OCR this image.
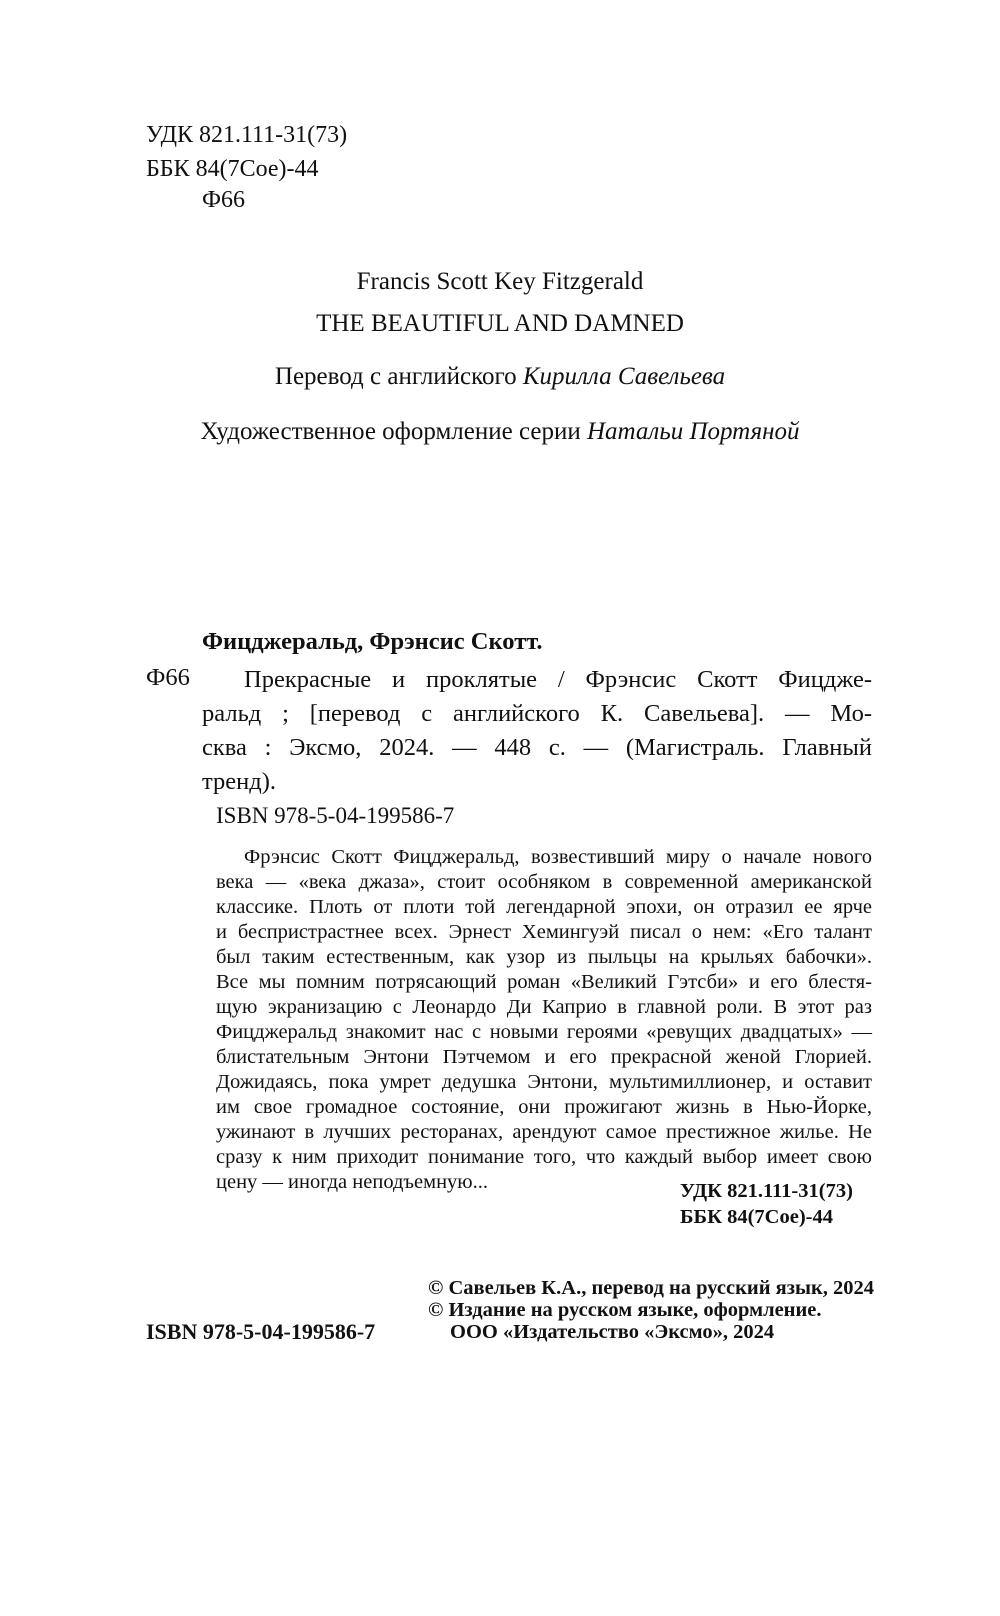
УДК 821.111-31(73)
ББК 84(7Сое)-44
Ф66
Francis Scott Key Fitzgerald
THE BEAUTIFUL AND DAMNED
Перевод с английского Кирилла Савельева
Художественное оформление серии Натальи Портяной
Фицджеральд, Фрэнсис Скотт.
Ф66	Прекрасные и проклятые / Фрэнсис Скотт Фицдже-
ральд ; [перевод с английского К. Савельева]. — Мо-
сква : Эксмо, 2024. — 448 с. — (Магистраль. Главный
тренд).
ISBN 978-5-04-199586-7
Фрэнсис Скотт Фицджеральд, возвестивший миру о начале нового
века — «века джаза», стоит особняком в современной американской
классике. Плоть от плоти той легендарной эпохи, он отразил ее ярче
и беспристрастнее всех. Эрнест Хемингуэй писал о нем: «Его талант
был таким естественным, как узор из пыльцы на крыльях бабочки».
Все мы помним потрясающий роман «Великий Гэтсби» и его блестя-
щую экранизацию с Леонардо Ди Каприо в главной роли. В этот раз
Фицджеральд знакомит нас с новыми героями «ревущих двадцатых» —
блистательным Энтони Пэтчемом и его прекрасной женой Глорией.
Дожидаясь, пока умрет дедушка Энтони, мультимиллионер, и оставит
им свое громадное состояние, они прожигают жизнь в Нью-Йорке,
ужинают в лучших ресторанах, арендуют самое престижное жилье. Не
сразу к ним приходит понимание того, что каждый выбор имеет свою
цену — иногда неподъемную...	УДК 821.111-31(73)
ББК 84(7Сое)-44
ISBN 978-5-04-199586-7
© Савельев К.А., перевод на русский язык, 2024
© Издание на русском языке, оформление.
ООО «Издательство «Эксмо», 2024
